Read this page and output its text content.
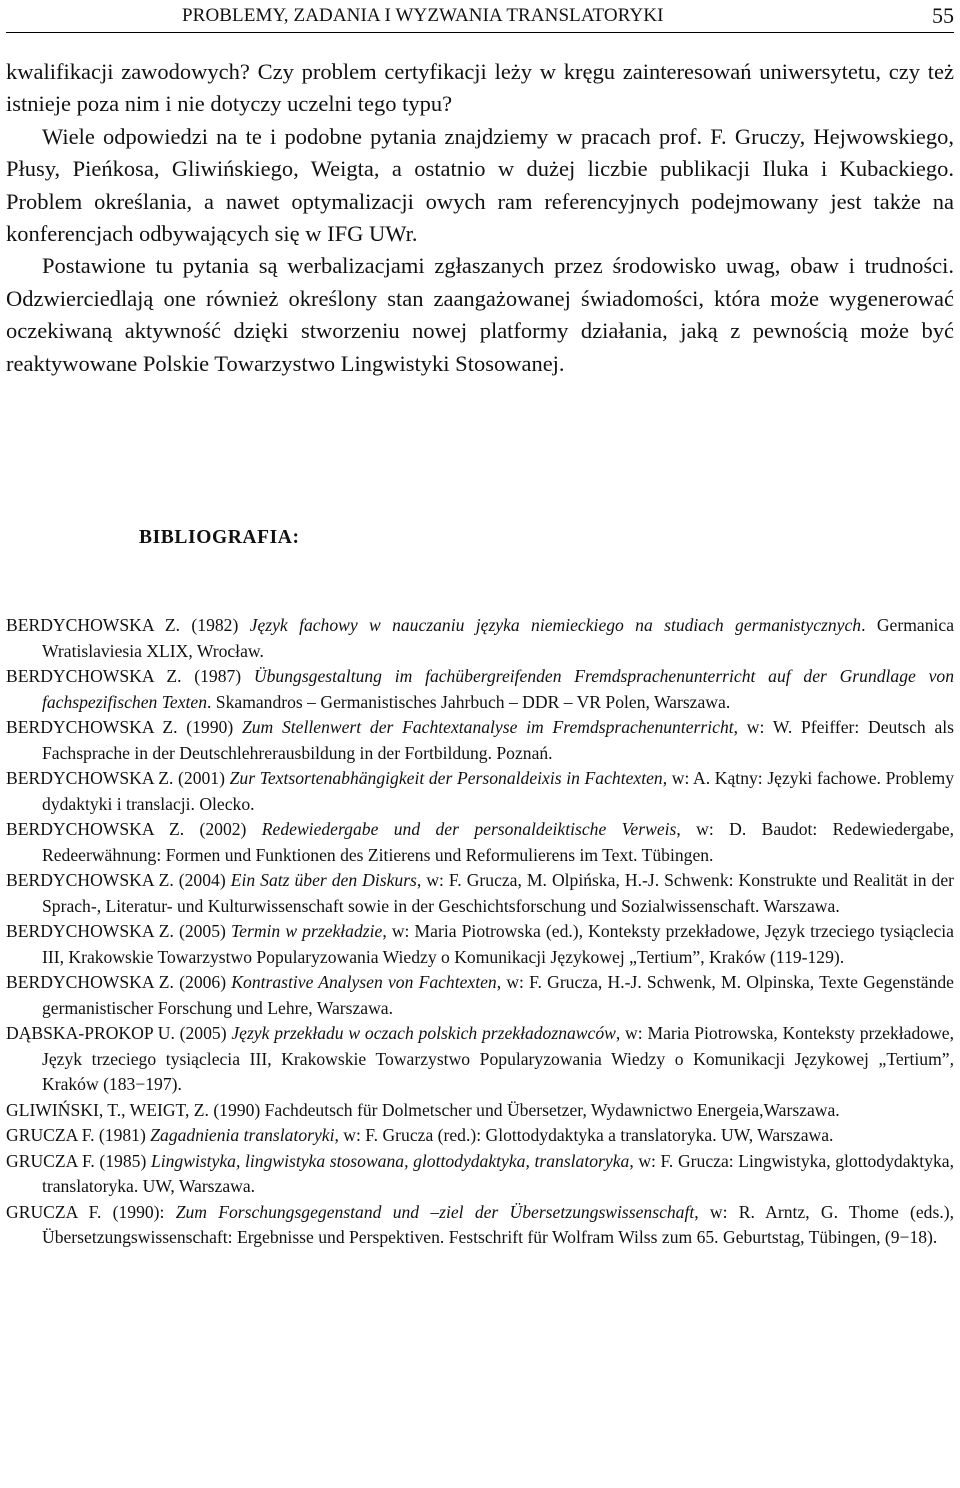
PROBLEMY, ZADANIA I WYZWANIA TRANSLATORYKI	55

kwalifikacji zawodowych? Czy problem certyfikacji leży w kręgu zainteresowań uniwersytetu, czy też istnieje poza nim i nie dotyczy uczelni tego typu?

Wiele odpowiedzi na te i podobne pytania znajdziemy w pracach prof. F. Gruczy, Hejwowskiego, Płusy, Pieńkosa, Gliwińskiego, Weigta, a ostatnio w dużej liczbie publikacji Iluka i Kubackiego. Problem określania, a nawet optymalizacji owych ram referencyjnych podejmowany jest także na konferencjach odbywających się w IFG UWr.

Postawione tu pytania są werbalizacjami zgłaszanych przez środowisko uwag, obaw i trudności. Odzwierciedlają one również określony stan zaangażowanej świadomości, która może wygenerować oczekiwaną aktywność dzięki stworzeniu nowej platformy działania, jaką z pewnością może być reaktywowane Polskie Towarzystwo Lingwistyki Stosowanej.

BIBLIOGRAFIA:
BERDYCHOWSKA Z. (1982) Język fachowy w nauczaniu języka niemieckiego na studiach germanistycznych. Germanica Wratislaviesia XLIX, Wrocław.
BERDYCHOWSKA Z. (1987) Übungsgestaltung im fachübergreifenden Fremdsprachenunterricht auf der Grundlage von fachspezifischen Texten. Skamandros – Germanistisches Jahrbuch – DDR – VR Polen, Warszawa.
BERDYCHOWSKA Z. (1990) Zum Stellenwert der Fachtextanalyse im Fremdsprachenunterricht, w: W. Pfeiffer: Deutsch als Fachsprache in der Deutschlehrerausbildung in der Fortbildung. Poznań.
BERDYCHOWSKA Z. (2001) Zur Textsortenabhängigkeit der Personaldeixis in Fachtexten, w: A. Kątny: Języki fachowe. Problemy dydaktyki i translacji. Olecko.
BERDYCHOWSKA Z. (2002) Redewiedergabe und der personaldeiktische Verweis, w: D. Baudot: Redewiedergabe, Redeerwähnung: Formen und Funktionen des Zitierens und Reformulierens im Text. Tübingen.
BERDYCHOWSKA Z. (2004) Ein Satz über den Diskurs, w: F. Grucza, M. Olpińska, H.-J. Schwenk: Konstrukte und Realität in der Sprach-, Literatur- und Kulturwissenschaft sowie in der Geschichtsforschung und Sozialwissenschaft. Warszawa.
BERDYCHOWSKA Z. (2005) Termin w przekładzie, w: Maria Piotrowska (ed.), Konteksty przekładowe, Język trzeciego tysiąclecia III, Krakowskie Towarzystwo Popularyzowania Wiedzy o Komunikacji Językowej „Tertium”, Kraków (119-129).
BERDYCHOWSKA Z. (2006) Kontrastive Analysen von Fachtexten, w: F. Grucza, H.-J. Schwenk, M. Olpinska, Texte Gegenstände germanistischer Forschung und Lehre, Warszawa.
DĄBSKA-PROKOP U. (2005) Język przekładu w oczach polskich przekładoznawców, w: Maria Piotrowska, Konteksty przekładowe, Język trzeciego tysiąclecia III, Krakowskie Towarzystwo Popularyzowania Wiedzy o Komunikacji Językowej „Tertium”, Kraków (183−197).
GLIWIŃSKI, T., WEIGT, Z. (1990) Fachdeutsch für Dolmetscher und Übersetzer, Wydawnictwo Energeia,Warszawa.
GRUCZA F. (1981) Zagadnienia translatoryki, w: F. Grucza (red.): Glottodydaktyka a translatoryka. UW, Warszawa.
GRUCZA F. (1985) Lingwistyka, lingwistyka stosowana, glottodydaktyka, translatoryka, w: F. Grucza: Lingwistyka, glottodydaktyka, translatoryka. UW, Warszawa.
GRUCZA F. (1990): Zum Forschungsgegenstand und –ziel der Übersetzungswissenschaft, w: R. Arntz, G. Thome (eds.), Übersetzungswissenschaft: Ergebnisse und Perspektiven. Festschrift für Wolfram Wilss zum 65. Geburtstag, Tübingen, (9−18).
